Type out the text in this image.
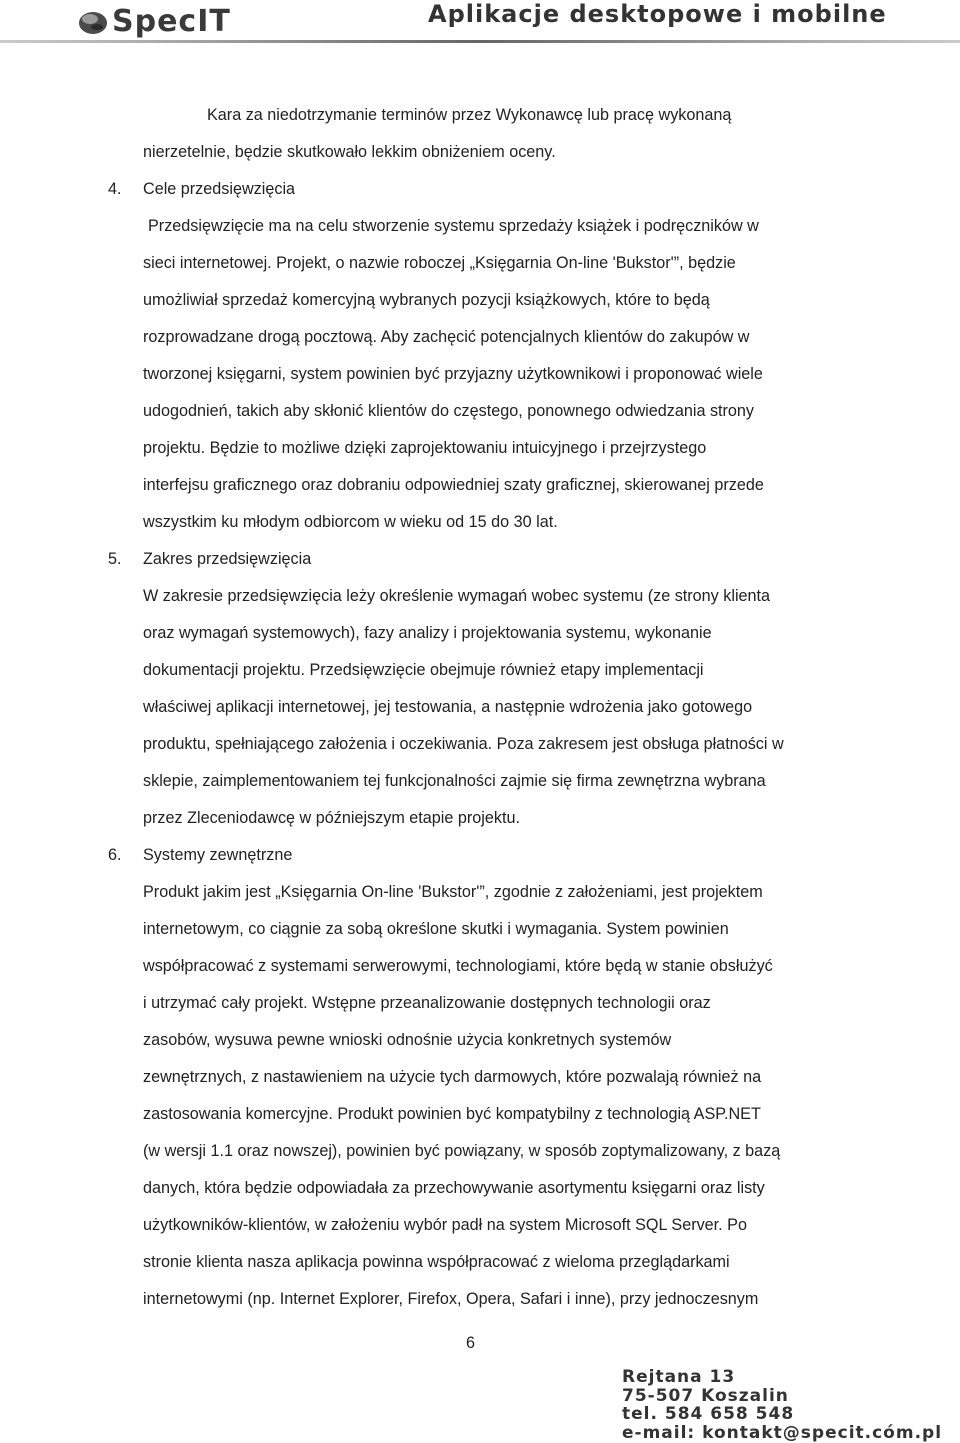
SpecIT	Aplikacje desktopowe i mobilne
Kara za niedotrzymanie terminów przez Wykonawcę lub pracę wykonaną
nierzetelnie, będzie skutkowało lekkim obniżeniem oceny.
4. Cele przedsięwzięcia
Przedsięwzięcie ma na celu stworzenie systemu sprzedaży książek i podręczników w
sieci internetowej. Projekt, o nazwie roboczej „Księgarnia On-line 'Bukstor'”, będzie
umożliwiał sprzedaż komercyjną wybranych pozycji książkowych, które to będą
rozprowadzane drogą pocztową. Aby zachęcić potencjalnych klientów do zakupów w
tworzonej księgarni, system powinien być przyjazny użytkownikowi i proponować wiele
udogodnień, takich aby skłonić klientów do częstego, ponownego odwiedzania strony
projektu. Będzie to możliwe dzięki zaprojektowaniu intuicyjnego i przejrzystego
interfejsu graficznego oraz dobraniu odpowiedniej szaty graficznej, skierowanej przede
wszystkim ku młodym odbiorcom w wieku od 15 do 30 lat.
5. Zakres przedsięwzięcia
W zakresie przedsięwzięcia leży określenie wymagań wobec systemu (ze strony klienta
oraz wymagań systemowych), fazy analizy i projektowania systemu, wykonanie
dokumentacji projektu. Przedsięwzięcie obejmuje również etapy implementacji
właściwej aplikacji internetowej, jej testowania, a następnie wdrożenia jako gotowego
produktu, spełniającego założenia i oczekiwania. Poza zakresem jest obsługa płatności w
sklepie, zaimplementowaniem tej funkcjonalności zajmie się firma zewnętrzna wybrana
przez Zleceniodawcę w późniejszym etapie projektu.
6. Systemy zewnętrzne
Produkt jakim jest „Księgarnia On-line 'Bukstor'”, zgodnie z założeniami, jest projektem
internetowym, co ciągnie za sobą określone skutki i wymagania. System powinien
współpracować z systemami serwerowymi, technologiami, które będą w stanie obsłużyć
i utrzymać cały projekt. Wstępne przeanalizowanie dostępnych technologii oraz
zasobów, wysuwa pewne wnioski odnośnie użycia konkretnych systemów
zewnętrznych, z nastawieniem na użycie tych darmowych, które pozwalają również na
zastosowania komercyjne. Produkt powinien być kompatybilny z technologią ASP.NET
(w wersji 1.1 oraz nowszej), powinien być powiązany, w sposób zoptymalizowany, z bazą
danych, która będzie odpowiadała za przechowywanie asortymentu księgarni oraz listy
użytkowników-klientów, w założeniu wybór padł na system Microsoft SQL Server. Po
stronie klienta nasza aplikacja powinna współpracować z wieloma przeglądarkami
internetowymi (np. Internet Explorer, Firefox, Opera, Safari i inne), przy jednoczesnym
6
Rejtana 13
75-507 Koszalin
tel. 584 658 548
e-mail: kontakt@specit.cóm.pl
